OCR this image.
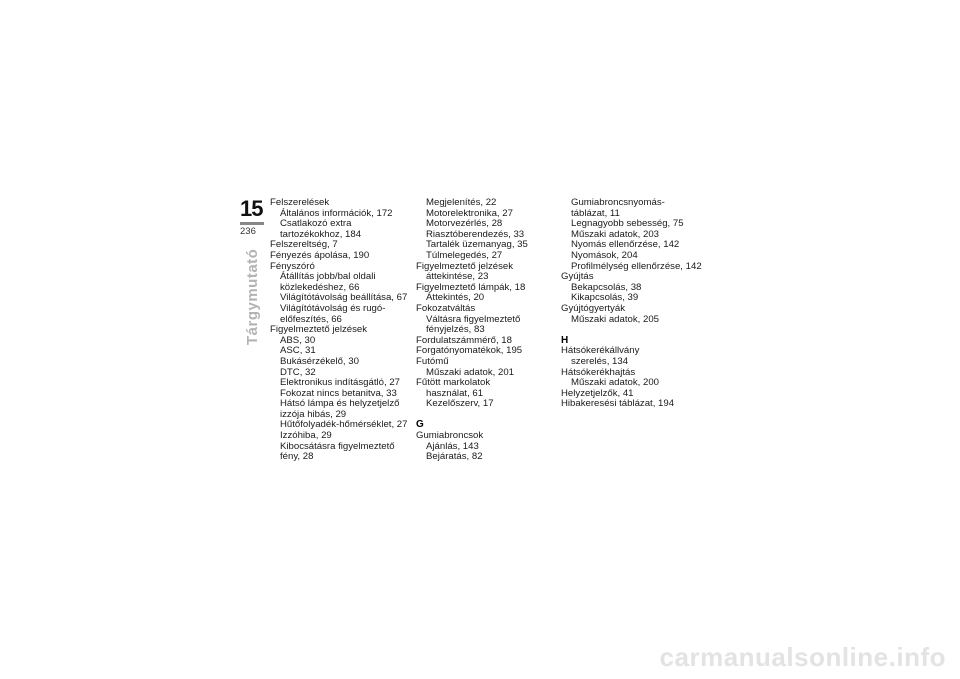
15
236
Tárgymutató

Felszerelések

Általános információk, 172

Csatlakozó extra

tartozékokhoz, 184

Felszereltség, 7

Fényezés ápolása, 190

Fényszóró

Átállítás jobb/bal oldali

közlekedéshez, 66

Világítótávolság beállítása, 67

Világítótávolság és rugó-

előfeszítés, 66

Figyelmeztető jelzések

ABS, 30

ASC, 31

Bukásérzékelő, 30

DTC, 32

Elektronikus indításgátló, 27

Fokozat nincs betanitva, 33

Hátsó lámpa és helyzetjelző

izzója hibás, 29

Hűtőfolyadék-hőmérséklet, 27

Izzóhiba, 29

Kibocsátásra figyelmeztető

fény, 28

Megjelenítés, 22

Motorelektronika, 27

Motorvezérlés, 28

Riasztóberendezés, 33

Tartalék üzemanyag, 35

Túlmelegedés, 27

Figyelmeztető jelzések

áttekintése, 23

Figyelmeztető lámpák, 18

Áttekintés, 20

Fokozatváltás

Váltásra figyelmeztető

fényjelzés, 83

Fordulatszámmérő, 18

Forgatónyomatékok, 195

Futómű

Műszaki adatok, 201

Fűtött markolatok

használat, 61

Kezelőszerv, 17

G

Gumiabroncsok

Ajánlás, 143

Bejáratás, 82

Gumiabroncsnyomás-

táblázat, 11

Legnagyobb sebesség, 75

Műszaki adatok, 203

Nyomás ellenőrzése, 142

Nyomások, 204

Profilmélység ellenőrzése, 142

Gyújtás

Bekapcsolás, 38

Kikapcsolás, 39

Gyújtógyertyák

Műszaki adatok, 205

H

Hátsókerékállvány

szerelés, 134

Hátsókerékhajtás

Műszaki adatok, 200

Helyzetjelzők, 41

Hibakeresési táblázat, 194

carmanualsonline.info
